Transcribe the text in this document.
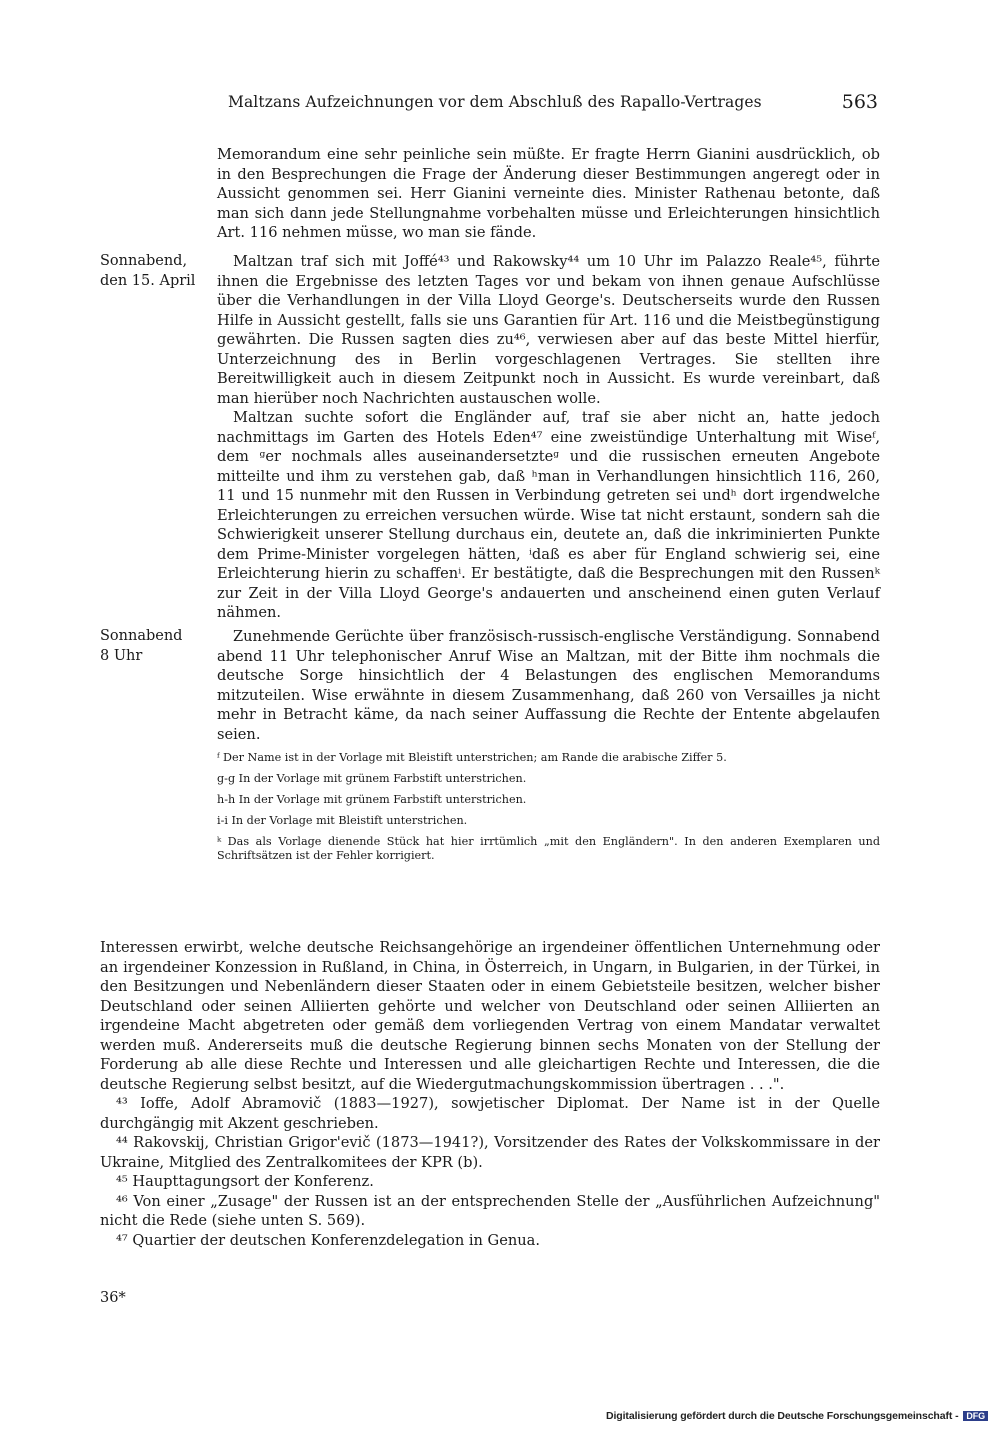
Maltzans Aufzeichnungen vor dem Abschluß des Rapallo-Vertrages	563

Memorandum eine sehr peinliche sein müßte. Er fragte Herrn Gianini ausdrücklich, ob in den Besprechungen die Frage der Änderung dieser Bestimmungen angeregt oder in Aussicht genommen sei. Herr Gianini verneinte dies. Minister Rathenau betonte, daß man sich dann jede Stellungnahme vorbehalten müsse und Erleichterungen hinsichtlich Art. 116 nehmen müsse, wo man sie fände.

Sonnabend,
den 15. April

Maltzan traf sich mit Joffé⁴³ und Rakowsky⁴⁴ um 10 Uhr im Palazzo Reale⁴⁵, führte ihnen die Ergebnisse des letzten Tages vor und bekam von ihnen genaue Aufschlüsse über die Verhandlungen in der Villa Lloyd George's. Deutscherseits wurde den Russen Hilfe in Aussicht gestellt, falls sie uns Garantien für Art. 116 und die Meistbegünstigung gewährten. Die Russen sagten dies zu⁴⁶, verwiesen aber auf das beste Mittel hierfür, Unterzeichnung des in Berlin vorgeschlagenen Vertrages. Sie stellten ihre Bereitwilligkeit auch in diesem Zeitpunkt noch in Aussicht. Es wurde vereinbart, daß man hierüber noch Nachrichten austauschen wolle.

Maltzan suchte sofort die Engländer auf, traf sie aber nicht an, hatte jedoch nachmittags im Garten des Hotels Eden⁴⁷ eine zweistündige Unterhaltung mit Wiseᶠ, dem ᵍer nochmals alles auseinandersetzteᵍ und die russischen erneuten Angebote mitteilte und ihm zu verstehen gab, daß ʰman in Verhandlungen hinsichtlich 116, 260, 11 und 15 nunmehr mit den Russen in Verbindung getreten sei undʰ dort irgendwelche Erleichterungen zu erreichen versuchen würde. Wise tat nicht erstaunt, sondern sah die Schwierigkeit unserer Stellung durchaus ein, deutete an, daß die inkriminierten Punkte dem Prime-Minister vorgelegen hätten, ⁱdaß es aber für England schwierig sei, eine Erleichterung hierin zu schaffenⁱ. Er bestätigte, daß die Besprechungen mit den Russenᵏ zur Zeit in der Villa Lloyd George's andauerten und anscheinend einen guten Verlauf nähmen.

Sonnabend
8 Uhr

Zunehmende Gerüchte über französisch-russisch-englische Verständigung. Sonnabend abend 11 Uhr telephonischer Anruf Wise an Maltzan, mit der Bitte ihm nochmals die deutsche Sorge hinsichtlich der 4 Belastungen des englischen Memorandums mitzuteilen. Wise erwähnte in diesem Zusammenhang, daß 260 von Versailles ja nicht mehr in Betracht käme, da nach seiner Auffassung die Rechte der Entente abgelaufen seien.

ᶠ Der Name ist in der Vorlage mit Bleistift unterstrichen; am Rande die arabische Ziffer 5.

g-g In der Vorlage mit grünem Farbstift unterstrichen.

h-h In der Vorlage mit grünem Farbstift unterstrichen.

i-i In der Vorlage mit Bleistift unterstrichen.

ᵏ Das als Vorlage dienende Stück hat hier irrtümlich „mit den Engländern". In den anderen Exemplaren und Schriftsätzen ist der Fehler korrigiert.

Interessen erwirbt, welche deutsche Reichsangehörige an irgendeiner öffentlichen Unternehmung oder an irgendeiner Konzession in Rußland, in China, in Österreich, in Ungarn, in Bulgarien, in der Türkei, in den Besitzungen und Nebenländern dieser Staaten oder in einem Gebietsteile besitzen, welcher bisher Deutschland oder seinen Alliierten gehörte und welcher von Deutschland oder seinen Alliierten an irgendeine Macht abgetreten oder gemäß dem vorliegenden Vertrag von einem Mandatar verwaltet werden muß. Andererseits muß die deutsche Regierung binnen sechs Monaten von der Stellung der Forderung ab alle diese Rechte und Interessen und alle gleichartigen Rechte und Interessen, die die deutsche Regierung selbst besitzt, auf die Wiedergutmachungskommission übertragen . . .".

⁴³ Ioffe, Adolf Abramovič (1883—1927), sowjetischer Diplomat. Der Name ist in der Quelle durchgängig mit Akzent geschrieben.

⁴⁴ Rakovskij, Christian Grigor'evič (1873—1941?), Vorsitzender des Rates der Volkskommissare in der Ukraine, Mitglied des Zentralkomitees der KPR (b).

⁴⁵ Haupttagungsort der Konferenz.

⁴⁶ Von einer „Zusage" der Russen ist an der entsprechenden Stelle der „Ausführlichen Aufzeichnung" nicht die Rede (siehe unten S. 569).

⁴⁷ Quartier der deutschen Konferenzdelegation in Genua.

36*
Digitalisierung gefördert durch die Deutsche Forschungsgemeinschaft - DFG
